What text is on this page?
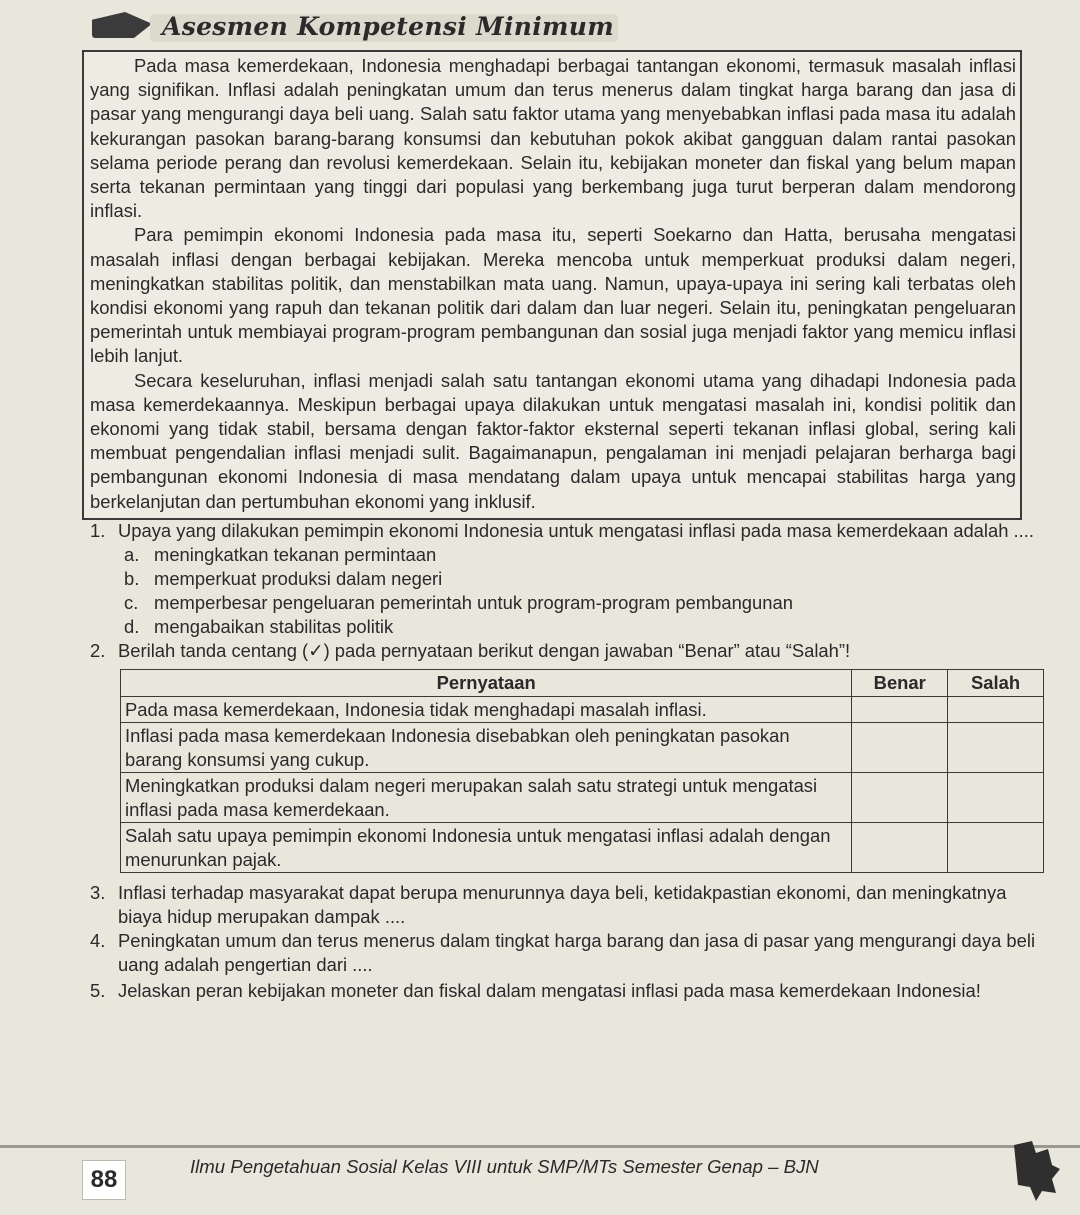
Asesmen Kompetensi Minimum

Pada masa kemerdekaan, Indonesia menghadapi berbagai tantangan ekonomi, termasuk masalah inflasi yang signifikan. Inflasi adalah peningkatan umum dan terus menerus dalam tingkat harga barang dan jasa di pasar yang mengurangi daya beli uang. Salah satu faktor utama yang menyebabkan inflasi pada masa itu adalah kekurangan pasokan barang-barang konsumsi dan kebutuhan pokok akibat gangguan dalam rantai pasokan selama periode perang dan revolusi kemerdekaan. Selain itu, kebijakan moneter dan fiskal yang belum mapan serta tekanan permintaan yang tinggi dari populasi yang berkembang juga turut berperan dalam mendorong inflasi.

Para pemimpin ekonomi Indonesia pada masa itu, seperti Soekarno dan Hatta, berusaha mengatasi masalah inflasi dengan berbagai kebijakan. Mereka mencoba untuk memperkuat produksi dalam negeri, meningkatkan stabilitas politik, dan menstabilkan mata uang. Namun, upaya-upaya ini sering kali terbatas oleh kondisi ekonomi yang rapuh dan tekanan politik dari dalam dan luar negeri. Selain itu, peningkatan pengeluaran pemerintah untuk membiayai program-program pembangunan dan sosial juga menjadi faktor yang memicu inflasi lebih lanjut.

Secara keseluruhan, inflasi menjadi salah satu tantangan ekonomi utama yang dihadapi Indonesia pada masa kemerdekaannya. Meskipun berbagai upaya dilakukan untuk mengatasi masalah ini, kondisi politik dan ekonomi yang tidak stabil, bersama dengan faktor-faktor eksternal seperti tekanan inflasi global, sering kali membuat pengendalian inflasi menjadi sulit. Bagaimanapun, pengalaman ini menjadi pelajaran berharga bagi pembangunan ekonomi Indonesia di masa mendatang dalam upaya untuk mencapai stabilitas harga yang berkelanjutan dan pertumbuhan ekonomi yang inklusif.

1. Upaya yang dilakukan pemimpin ekonomi Indonesia untuk mengatasi inflasi pada masa kemerdekaan adalah ....
a. meningkatkan tekanan permintaan
b. memperkuat produksi dalam negeri
c. memperbesar pengeluaran pemerintah untuk program-program pembangunan
d. mengabaikan stabilitas politik
2. Berilah tanda centang (✓) pada pernyataan berikut dengan jawaban “Benar” atau “Salah”!
Pernyataan	Benar	Salah
Pada masa kemerdekaan, Indonesia tidak menghadapi masalah inflasi.		
Inflasi pada masa kemerdekaan Indonesia disebabkan oleh peningkatan pasokan barang konsumsi yang cukup.		
Meningkatkan produksi dalam negeri merupakan salah satu strategi untuk mengatasi inflasi pada masa kemerdekaan.		
Salah satu upaya pemimpin ekonomi Indonesia untuk mengatasi inflasi adalah dengan menurunkan pajak.		
3. Inflasi terhadap masyarakat dapat berupa menurunnya daya beli, ketidakpastian ekonomi, dan meningkatnya biaya hidup merupakan dampak ....
4. Peningkatan umum dan terus menerus dalam tingkat harga barang dan jasa di pasar yang mengurangi daya beli uang adalah pengertian dari ....
5. Jelaskan peran kebijakan moneter dan fiskal dalam mengatasi inflasi pada masa kemerdekaan Indonesia!
88	Ilmu Pengetahuan Sosial Kelas VIII untuk SMP/MTs Semester Genap – BJN
